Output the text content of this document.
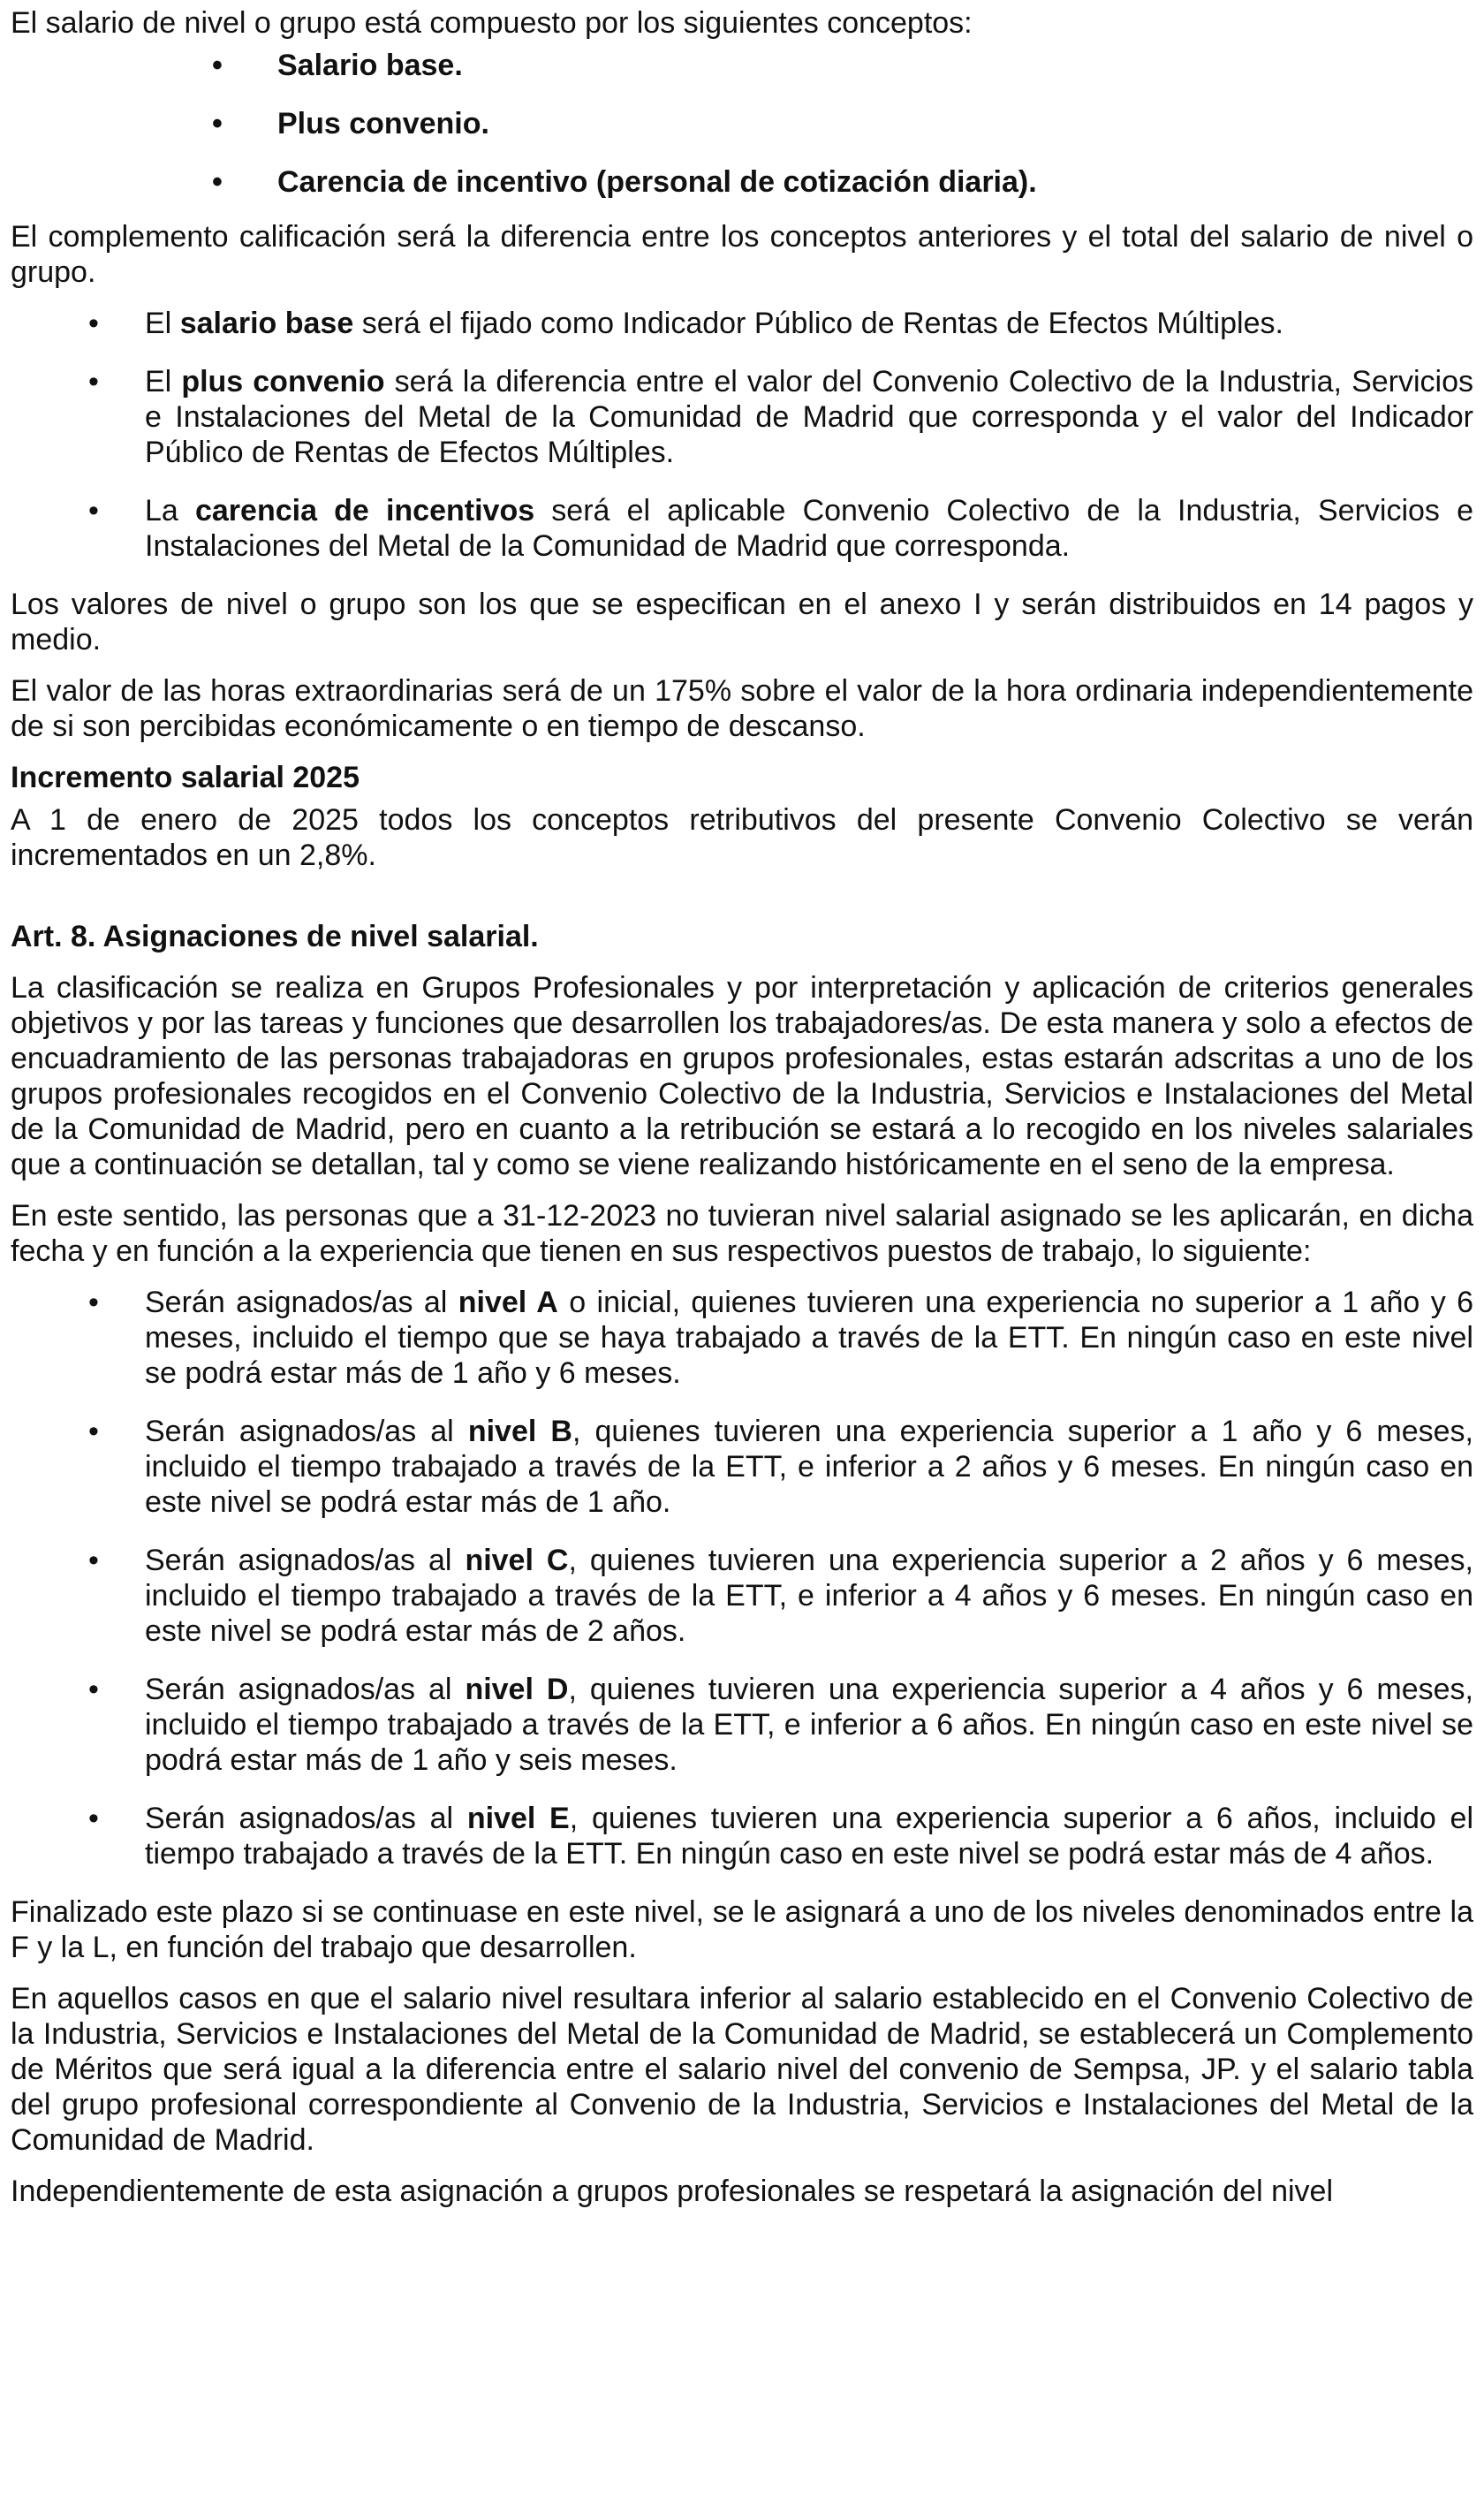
El salario de nivel o grupo está compuesto por los siguientes conceptos:

• Salario base.
• Plus convenio.
• Carencia de incentivo (personal de cotización diaria).

El complemento calificación será la diferencia entre los conceptos anteriores y el total del salario de nivel o grupo.

• El salario base será el fijado como Indicador Público de Rentas de Efectos Múltiples.
• El plus convenio será la diferencia entre el valor del Convenio Colectivo de la Industria, Servicios e Instalaciones del Metal de la Comunidad de Madrid que corresponda y el valor del Indicador Público de Rentas de Efectos Múltiples.
• La carencia de incentivos será el aplicable Convenio Colectivo de la Industria, Servicios e Instalaciones del Metal de la Comunidad de Madrid que corresponda.

Los valores de nivel o grupo son los que se especifican en el anexo I y serán distribuidos en 14 pagos y medio.

El valor de las horas extraordinarias será de un 175% sobre el valor de la hora ordinaria independientemente de si son percibidas económicamente o en tiempo de descanso.

Incremento salarial 2025

A 1 de enero de 2025 todos los conceptos retributivos del presente Convenio Colectivo se verán incrementados en un 2,8%.

Art. 8. Asignaciones de nivel salarial.

La clasificación se realiza en Grupos Profesionales y por interpretación y aplicación de criterios generales objetivos y por las tareas y funciones que desarrollen los trabajadores/as. De esta manera y solo a efectos de encuadramiento de las personas trabajadoras en grupos profesionales, estas estarán adscritas a uno de los grupos profesionales recogidos en el Convenio Colectivo de la Industria, Servicios e Instalaciones del Metal de la Comunidad de Madrid, pero en cuanto a la retribución se estará a lo recogido en los niveles salariales que a continuación se detallan, tal y como se viene realizando históricamente en el seno de la empresa.

En este sentido, las personas que a 31-12-2023 no tuvieran nivel salarial asignado se les aplicarán, en dicha fecha y en función a la experiencia que tienen en sus respectivos puestos de trabajo, lo siguiente:

• Serán asignados/as al nivel A o inicial, quienes tuvieren una experiencia no superior a 1 año y 6 meses, incluido el tiempo que se haya trabajado a través de la ETT. En ningún caso en este nivel se podrá estar más de 1 año y 6 meses.
• Serán asignados/as al nivel B, quienes tuvieren una experiencia superior a 1 año y 6 meses, incluido el tiempo trabajado a través de la ETT, e inferior a 2 años y 6 meses. En ningún caso en este nivel se podrá estar más de 1 año.
• Serán asignados/as al nivel C, quienes tuvieren una experiencia superior a 2 años y 6 meses, incluido el tiempo trabajado a través de la ETT, e inferior a 4 años y 6 meses. En ningún caso en este nivel se podrá estar más de 2 años.
• Serán asignados/as al nivel D, quienes tuvieren una experiencia superior a 4 años y 6 meses, incluido el tiempo trabajado a través de la ETT, e inferior a 6 años. En ningún caso en este nivel se podrá estar más de 1 año y seis meses.
• Serán asignados/as al nivel E, quienes tuvieren una experiencia superior a 6 años, incluido el tiempo trabajado a través de la ETT. En ningún caso en este nivel se podrá estar más de 4 años.

Finalizado este plazo si se continuase en este nivel, se le asignará a uno de los niveles denominados entre la F y la L, en función del trabajo que desarrollen.

En aquellos casos en que el salario nivel resultara inferior al salario establecido en el Convenio Colectivo de la Industria, Servicios e Instalaciones del Metal de la Comunidad de Madrid, se establecerá un Complemento de Méritos que será igual a la diferencia entre el salario nivel del convenio de Sempsa, JP. y el salario tabla del grupo profesional correspondiente al Convenio de la Industria, Servicios e Instalaciones del Metal de la Comunidad de Madrid.

Independientemente de esta asignación a grupos profesionales se respetará la asignación del nivel
